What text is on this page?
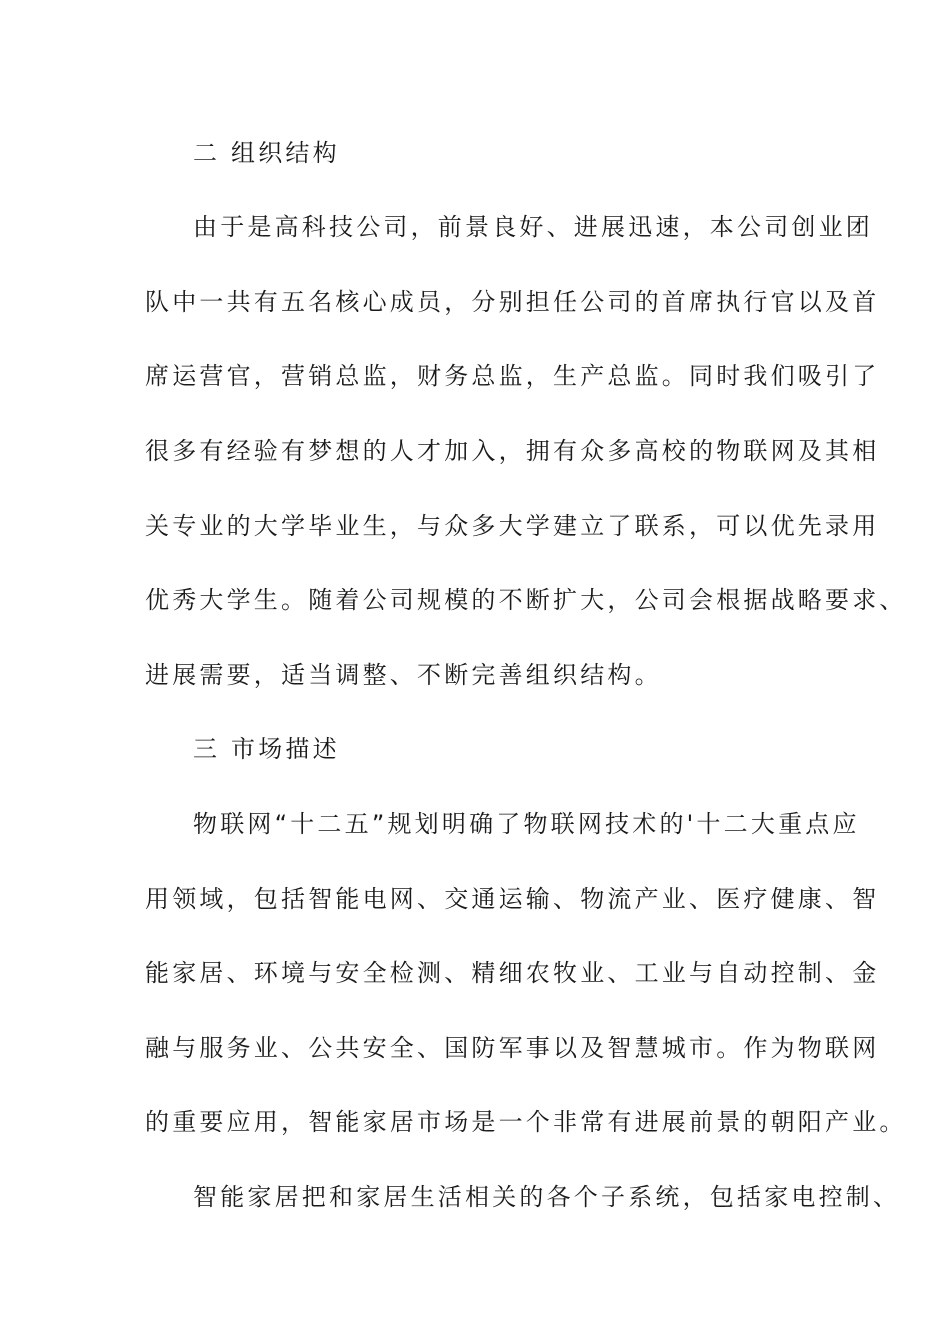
二 组织结构
由于是高科技公司，前景良好、进展迅速，本公司创业团
队中一共有五名核心成员，分别担任公司的首席执行官以及首
席运营官，营销总监，财务总监，生产总监。同时我们吸引了
很多有经验有梦想的人才加入，拥有众多高校的物联网及其相
关专业的大学毕业生，与众多大学建立了联系，可以优先录用
优秀大学生。随着公司规模的不断扩大，公司会根据战略要求、
进展需要，适当调整、不断完善组织结构。
三 市场描述
物联网“十二五”规划明确了物联网技术的'十二大重点应
用领域，包括智能电网、交通运输、物流产业、医疗健康、智
能家居、环境与安全检测、精细农牧业、工业与自动控制、金
融与服务业、公共安全、国防军事以及智慧城市。作为物联网
的重要应用，智能家居市场是一个非常有进展前景的朝阳产业。
智能家居把和家居生活相关的各个子系统，包括家电控制、
